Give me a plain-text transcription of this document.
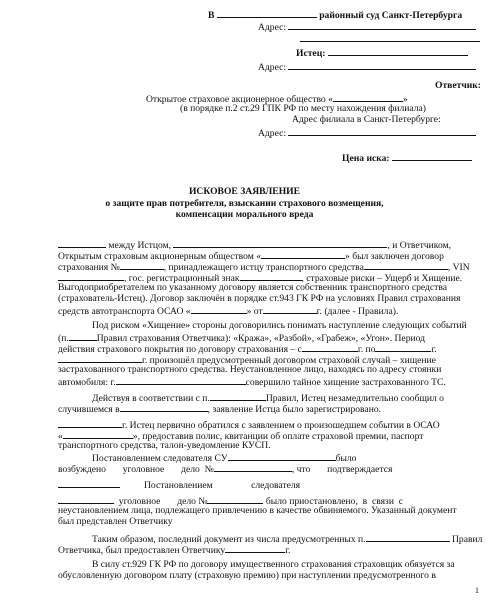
В	районный суд Санкт-Петербурга
Адрес:
Истец:
Адрес:
Ответчик:
Открытое страховое акционерное общество «	»
(в порядке п.2 ст.29 ГПК РФ по месту нахождения филиала)
Адрес филиала в Санкт-Петербурге:
Адрес:
Цена иска:
ИСКОВОЕ ЗАЯВЛЕНИЕ
о защите прав потребителя, взыскании страхового возмещения,
компенсации морального вреда
между Истцом,	, и Ответчиком,
Открытым страховым акционерным обществом «	» был заключен договор
страхования №	, принадлежащего истцу транспортного средства	, VIN
, гос. регистрационный знак	, страховые риски – Ущерб и Хищение.
Выгодоприобретателем по указанному договору является собственник транспортного средства
(страхователь-Истец). Договор заключён в порядке ст.943 ГК РФ на условиях Правил страхования
средств автотранспорта ОСАО «	» от	г. (далее - Правила).
Под риском «Хищение» стороны договорились понимать наступление следующих событий
(п.	Правил страхования Ответчика): «Кража», «Разбой», «Грабеж», «Угон». Период
действия страхового покрытия по договору страхования – с	г. по	г.
г. произошёл предусмотренный договором страховой случай – хищение
застрахованного транспортного средства. Неустановленное лицо, находясь по адресу стоянки
автомобиля: г.	совершило тайное хищение застрахованного ТС.
Действуя в соответствии с п.	Правил, Истец незамедлительно сообщил о
случившемся в	, заявление Истца было зарегистрировано.
г. Истец первично обратился с заявлением о произошедшем событии в ОСАО
«	», предоставив полис, квитанции об оплате страховой премии, паспорт
транспортного средства, талон-уведомление КУСП.
Постановлением следователя СУ	было
возбуждено уголовное дело №	, что подтверждается
Постановлением	следователя
уголовное дело №	было приостановлено, в связи с
неустановлением лица, подлежащего привлечению в качестве обвиняемого. Указанный документ
был представлен Ответчику
Таким образом, последний документ из числа предусмотренных п.	Правил
Ответчика, был предоставлен Ответчику	г.
В силу ст.929 ГК РФ по договору имущественного страхования страховщик обязуется за
обусловленную договором плату (страховую премию) при наступлении предусмотренного в
1
